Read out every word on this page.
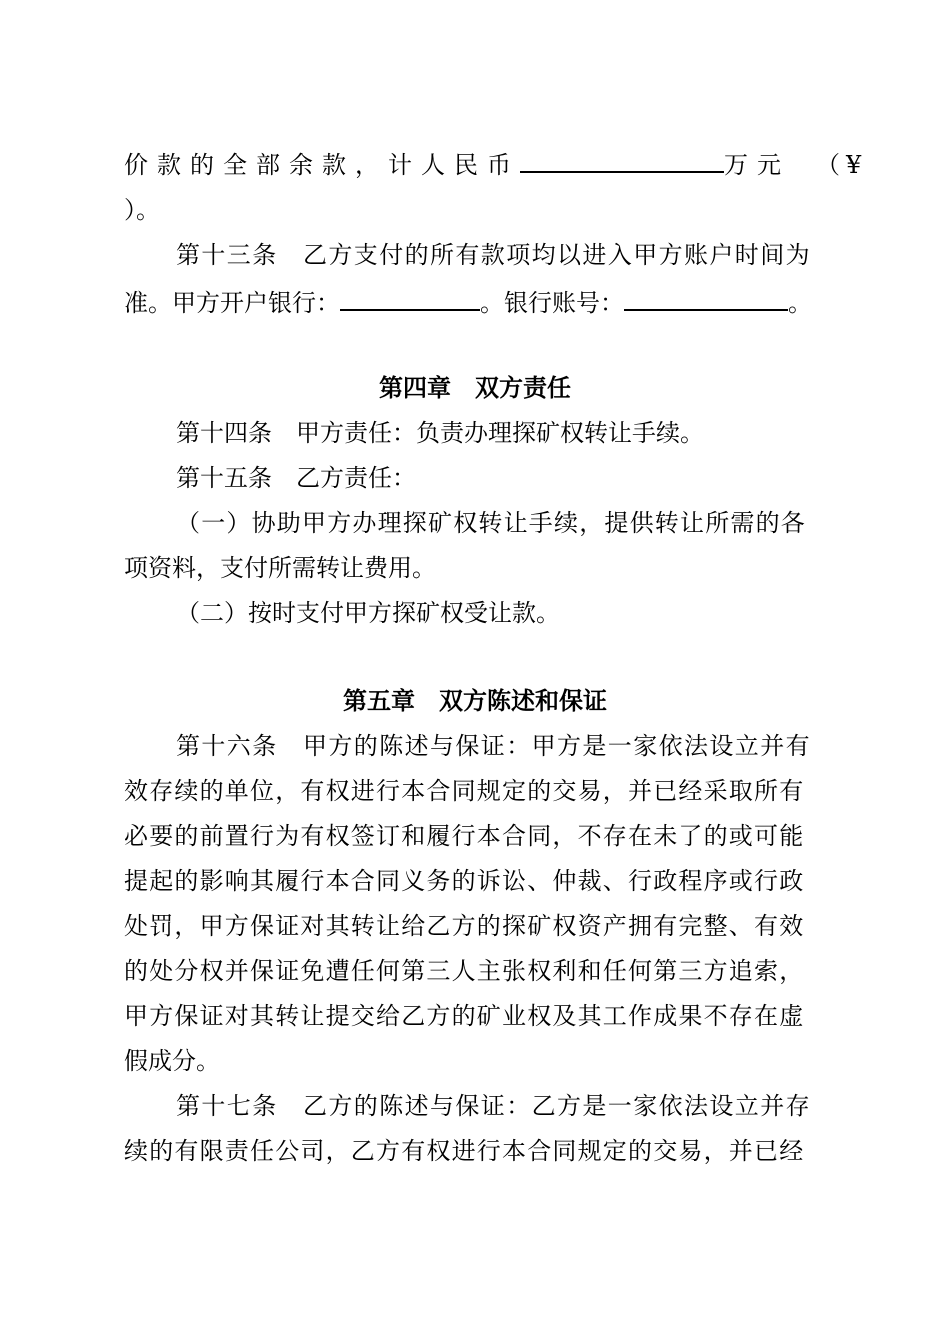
价款的全部余款，计人民币	万元 （¥
）。
第十三条　乙方支付的所有款项均以进入甲方账户时间为
准。甲方开户银行：	。银行账号：	。
第四章　双方责任
第十四条　甲方责任：负责办理探矿权转让手续。
第十五条　乙方责任：
（一）协助甲方办理探矿权转让手续，提供转让所需的各
项资料，支付所需转让费用。
（二）按时支付甲方探矿权受让款。
第五章　双方陈述和保证
第十六条　甲方的陈述与保证：甲方是一家依法设立并有
效存续的单位，有权进行本合同规定的交易，并已经采取所有
必要的前置行为有权签订和履行本合同，不存在未了的或可能
提起的影响其履行本合同义务的诉讼、仲裁、行政程序或行政
处罚，甲方保证对其转让给乙方的探矿权资产拥有完整、有效
的处分权并保证免遭任何第三人主张权利和任何第三方追索，
甲方保证对其转让提交给乙方的矿业权及其工作成果不存在虚
假成分。
第十七条　乙方的陈述与保证：乙方是一家依法设立并存
续的有限责任公司，乙方有权进行本合同规定的交易，并已经
